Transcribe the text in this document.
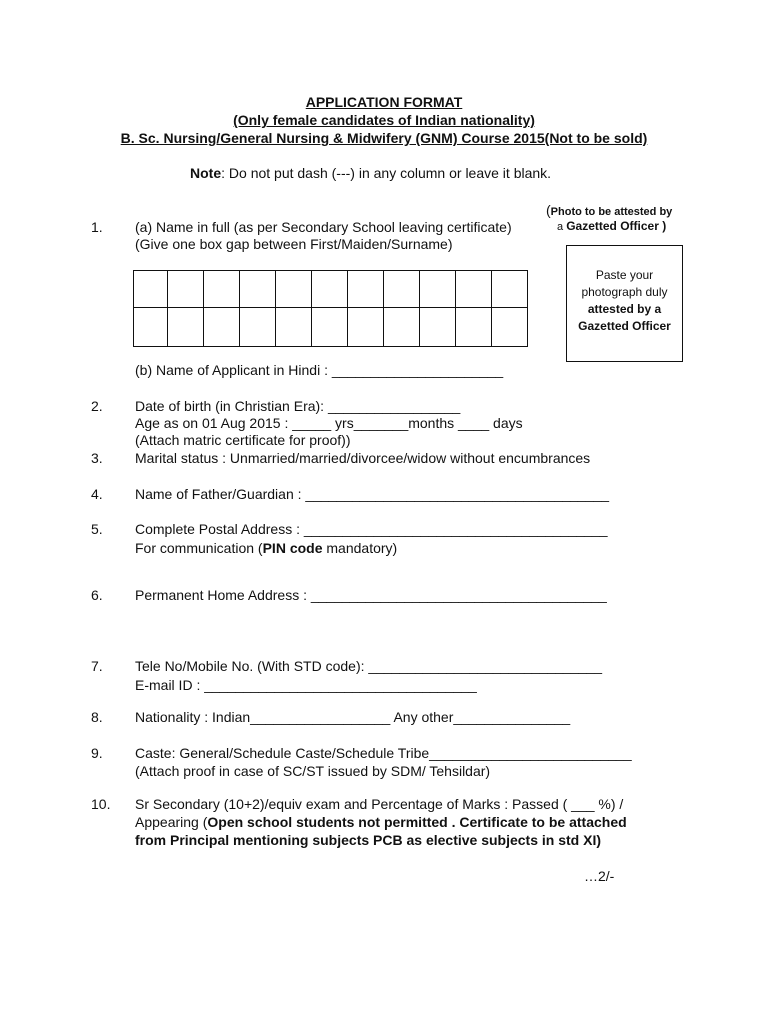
APPLICATION FORMAT
(Only female candidates of Indian nationality)
B. Sc. Nursing/General Nursing & Midwifery (GNM) Course 2015(Not to be sold)
Note: Do not put dash (---) in any column or leave it blank.
(Photo to be attested by
a Gazetted Officer )
Paste your
photograph duly
attested by a
Gazetted Officer
1. (a) Name in full (as per Secondary School leaving certificate)
(Give one box gap between First/Maiden/Surname)

(b) Name of Applicant in Hindi : ______________________
2. Date of birth (in Christian Era): _________________
Age as on 01 Aug 2015 : _____ yrs_______months ____ days
(Attach matric certificate for proof))
3. Marital status : Unmarried/married/divorcee/widow without encumbrances
4. Name of Father/Guardian : _______________________________________
5. Complete Postal Address : _______________________________________
For communication (PIN code mandatory)
6. Permanent Home Address : ______________________________________
7. Tele No/Mobile No. (With STD code): ______________________________
E-mail ID : ___________________________________
8. Nationality : Indian__________________ Any other_______________
9. Caste: General/Schedule Caste/Schedule Tribe__________________________
(Attach proof in case of SC/ST issued by SDM/ Tehsildar)
10. Sr Secondary (10+2)/equiv exam and Percentage of Marks : Passed ( ___ %) /
Appearing (Open school students not permitted . Certificate to be attached
from Principal mentioning subjects PCB as elective subjects in std XI)
…2/-
